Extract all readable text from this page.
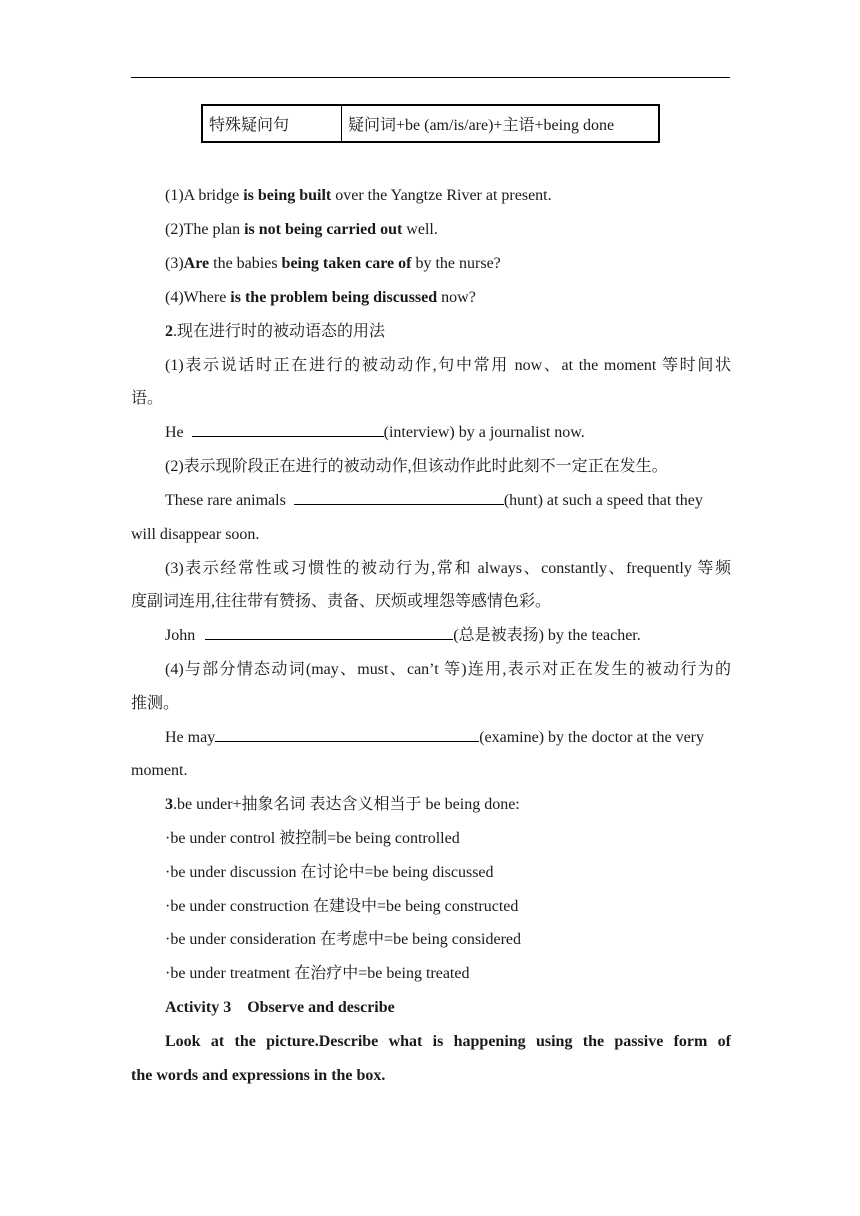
特殊疑问句	疑问词+be (am/is/are)+主语+being done
(1)A bridge is being built over the Yangtze River at present.
(2)The plan is not being carried out well.
(3)Are the babies being taken care of by the nurse?
(4)Where is the problem being discussed now?
2.现在进行时的被动语态的用法
(1)表示说话时正在进行的被动动作,句中常用 now、at the moment 等时间状
语。
He	(interview) by a journalist now.
(2)表示现阶段正在进行的被动动作,但该动作此时此刻不一定正在发生。
These rare animals	(hunt) at such a speed that they
will disappear soon.
(3)表示经常性或习惯性的被动行为,常和 always、constantly、frequently 等频
度副词连用,往往带有赞扬、责备、厌烦或埋怨等感情色彩。
John	(总是被表扬) by the teacher.
(4)与部分情态动词(may、must、can’t 等)连用,表示对正在发生的被动行为的
推测。
He may	(examine) by the doctor at the very
moment.
3.be under+抽象名词 表达含义相当于 be being done:
·be under control 被控制=be being controlled
·be under discussion 在讨论中=be being discussed
·be under construction 在建设中=be being constructed
·be under consideration 在考虑中=be being considered
·be under treatment 在治疗中=be being treated
Activity 3    Observe and describe
Look at the picture.Describe what is happening using the passive form of
the words and expressions in the box.
